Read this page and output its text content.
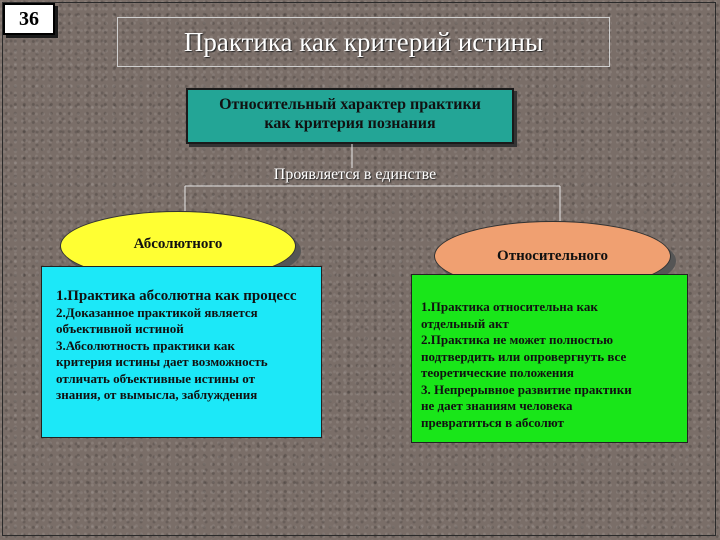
36
Практика как критерий истины
Относительный характер практики
как критерия познания
Проявляется в единстве
Абсолютного
Относительного

1.Практика абсолютна как процесс

2.Доказанное практикой является

объективной истиной

3.Абсолютность практики как

критерия истины дает возможность

отличать объективные истины от

знания, от вымысла, заблуждения

1.Практика относительна как

отдельный акт

2.Практика не может полностью

подтвердить или опровергнуть все

теоретические положения

3. Непрерывное развитие практики

не дает знаниям человека

превратиться в абсолют
